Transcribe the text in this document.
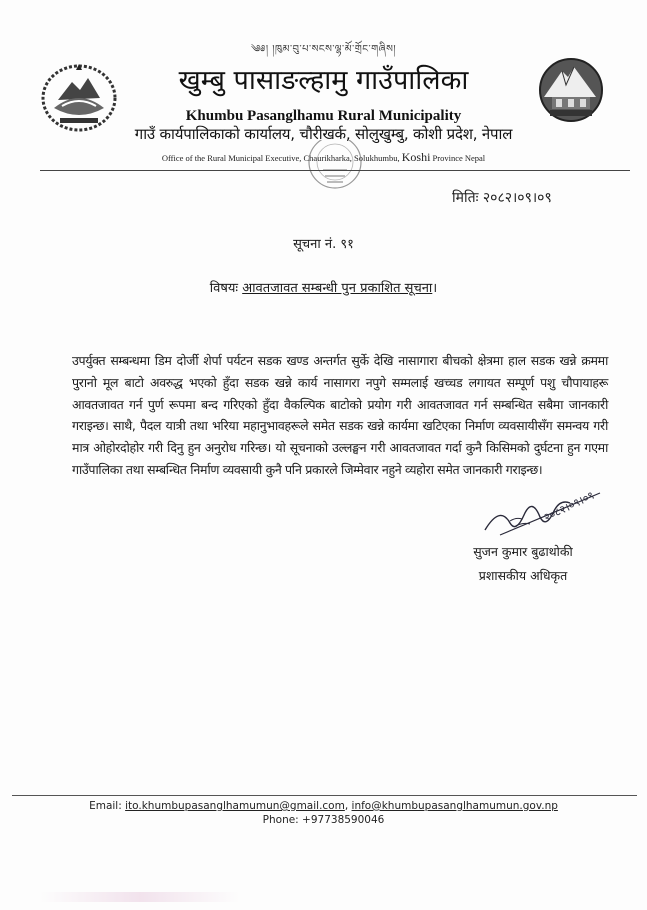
༄༅། །ཁུམ་བུ་པ་སངས་ལྷ་མོ་གྲོང་གཞིས།
खुम्बु पासाङल्हामु गाउँपालिका
Khumbu Pasanglhamu Rural Municipality
गाउँ कार्यपालिकाको कार्यालय, चौरीखर्क, सोलुखुम्बु, कोशी प्रदेश, नेपाल
Office of the Rural Municipal Executive, Chaurikharka, Solukhumbu, Koshi Province Nepal
मितिः २०८२।०९।०९
सूचना नं. ९१
विषयः आवतजावत सम्बन्धी पुन प्रकाशित सूचना।
उपर्युक्त सम्बन्धमा डिम दोर्जी शेर्पा पर्यटन सडक खण्ड अन्तर्गत सुर्के देखि नासागारा बीचको क्षेत्रमा हाल सडक खन्ने क्रममा पुरानो मूल बाटो अवरुद्ध भएको हुँदा सडक खन्ने कार्य नासागरा नपुगे सम्मलाई खच्चड लगायत सम्पूर्ण पशु चौपायाहरू आवतजावत गर्न पुर्ण रूपमा बन्द गरिएको हुँदा वैकल्पिक बाटोको प्रयोग गरी आवतजावत गर्न सम्बन्धित सबैमा जानकारी गराइन्छ। साथै, पैदल यात्री तथा भरिया महानुभावहरूले समेत सडक खन्ने कार्यमा खटिएका निर्माण व्यवसायीसँग समन्वय गरी मात्र ओहोरदोहोर गरी दिनु हुन अनुरोध गरिन्छ। यो सूचनाको उल्लङ्घन गरी आवतजावत गर्दा कुनै किसिमको दुर्घटना हुन गएमा गाउँपालिका तथा सम्बन्धित निर्माण व्यवसायी कुनै पनि प्रकारले जिम्मेवार नहुने व्यहोरा समेत जानकारी गराइन्छ।
२०८२।०९।०९
सुजन कुमार बुढाथोकी
प्रशासकीय अधिकृत
Email: ito.khumbupasanglhamumun@gmail.com, info@khumbupasanglhamumun.gov.np
Phone: +97738590046
